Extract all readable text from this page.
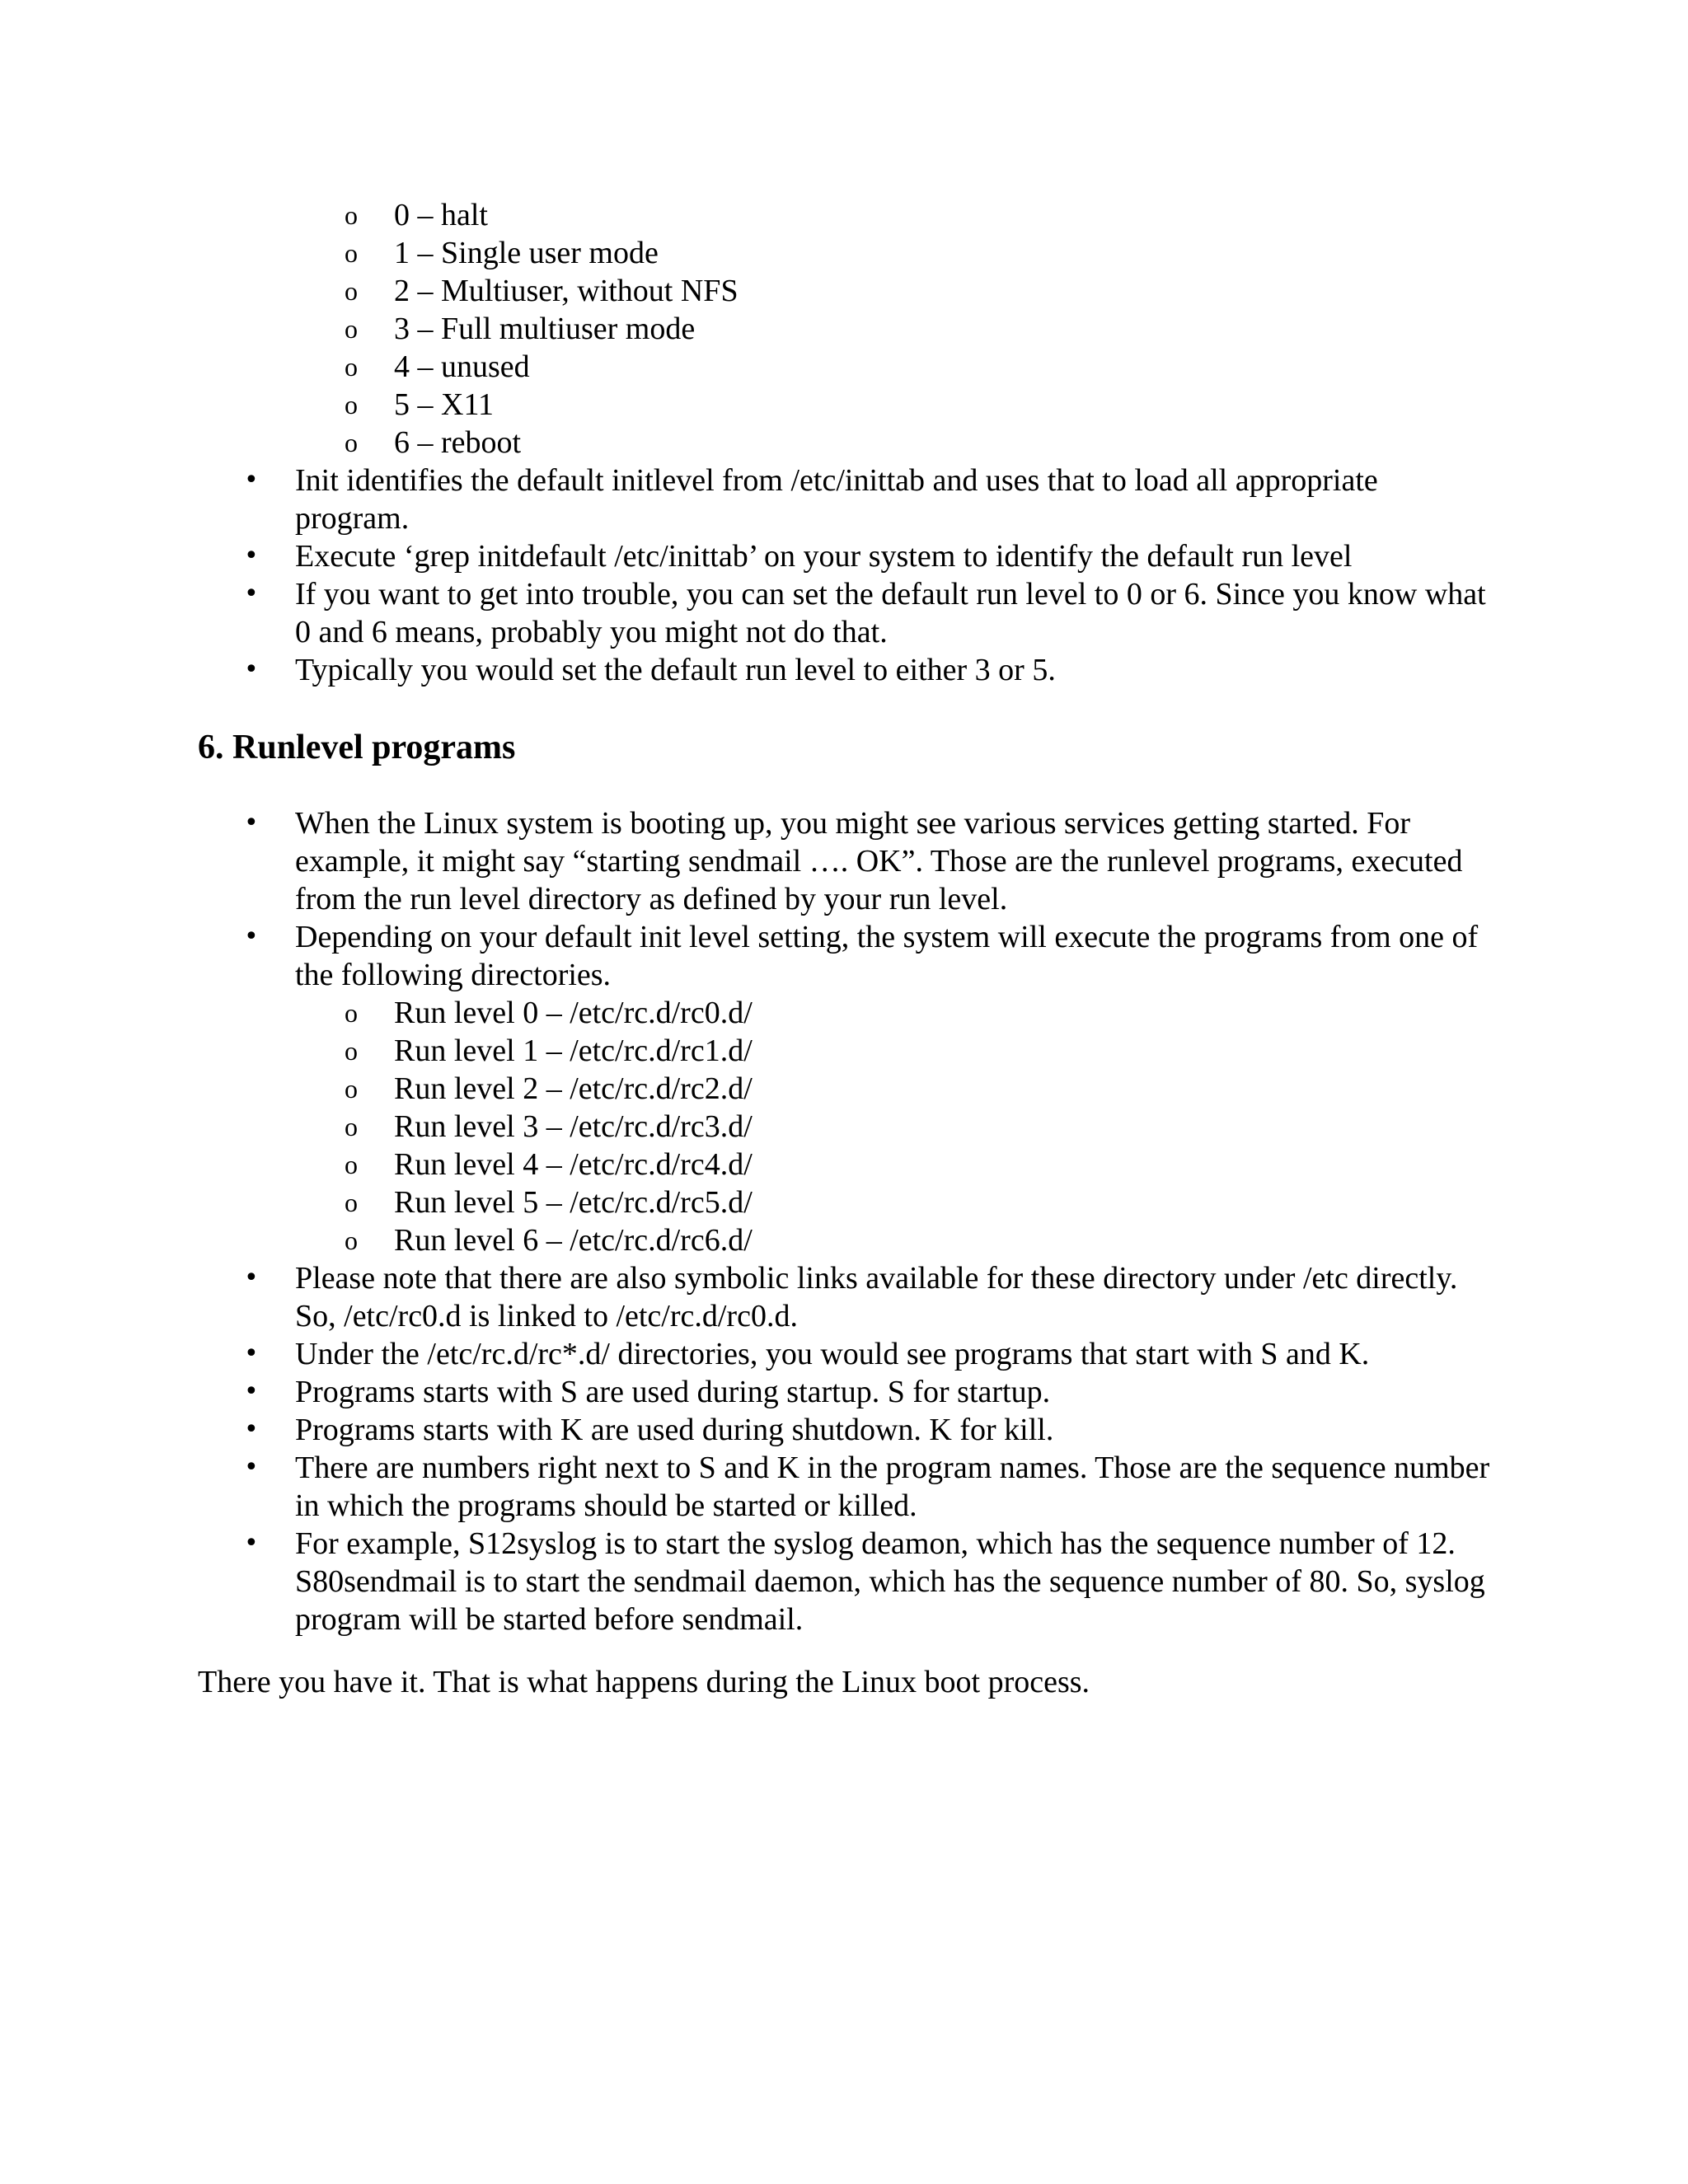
o 0 – halt
o 1 – Single user mode
o 2 – Multiuser, without NFS
o 3 – Full multiuser mode
o 4 – unused
o 5 – X11
o 6 – reboot
• Init identifies the default initlevel from /etc/inittab and uses that to load all appropriate program.
• Execute ‘grep initdefault /etc/inittab’ on your system to identify the default run level
• If you want to get into trouble, you can set the default run level to 0 or 6. Since you know what 0 and 6 means, probably you might not do that.
• Typically you would set the default run level to either 3 or 5.
6. Runlevel programs
• When the Linux system is booting up, you might see various services getting started. For example, it might say “starting sendmail …. OK”. Those are the runlevel programs, executed from the run level directory as defined by your run level.
• Depending on your default init level setting, the system will execute the programs from one of the following directories.
o Run level 0 – /etc/rc.d/rc0.d/
o Run level 1 – /etc/rc.d/rc1.d/
o Run level 2 – /etc/rc.d/rc2.d/
o Run level 3 – /etc/rc.d/rc3.d/
o Run level 4 – /etc/rc.d/rc4.d/
o Run level 5 – /etc/rc.d/rc5.d/
o Run level 6 – /etc/rc.d/rc6.d/
• Please note that there are also symbolic links available for these directory under /etc directly. So, /etc/rc0.d is linked to /etc/rc.d/rc0.d.
• Under the /etc/rc.d/rc*.d/ directories, you would see programs that start with S and K.
• Programs starts with S are used during startup. S for startup.
• Programs starts with K are used during shutdown. K for kill.
• There are numbers right next to S and K in the program names. Those are the sequence number in which the programs should be started or killed.
• For example, S12syslog is to start the syslog deamon, which has the sequence number of 12. S80sendmail is to start the sendmail daemon, which has the sequence number of 80. So, syslog program will be started before sendmail.
There you have it. That is what happens during the Linux boot process.
